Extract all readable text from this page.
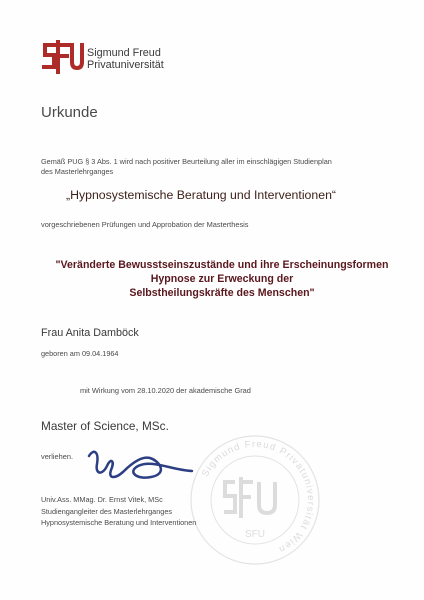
Sigmund Freud
Privatuniversität
Urkunde
Gemäß PUG § 3 Abs. 1 wird nach positiver Beurteilung aller im einschlägigen Studienplan
des Masterlehrganges
„Hypnosystemische Beratung und Interventionen“
vorgeschriebenen Prüfungen und Approbation der Masterthesis
"Veränderte Bewusstseinszustände und ihre Erscheinungsformen
Hypnose zur Erweckung der
Selbstheilungskräfte des Menschen"
Frau Anita Damböck
geboren am 09.04.1964
mit Wirkung vom 28.10.2020 der akademische Grad
Master of Science, MSc.
verliehen.
Sigmund Freud Privatuniversität Wien
SFU
Univ.Ass. MMag. Dr. Ernst Vitek, MSc
Studiengangleiter des Masterlehrganges
Hypnosystemische Beratung und Interventionen
